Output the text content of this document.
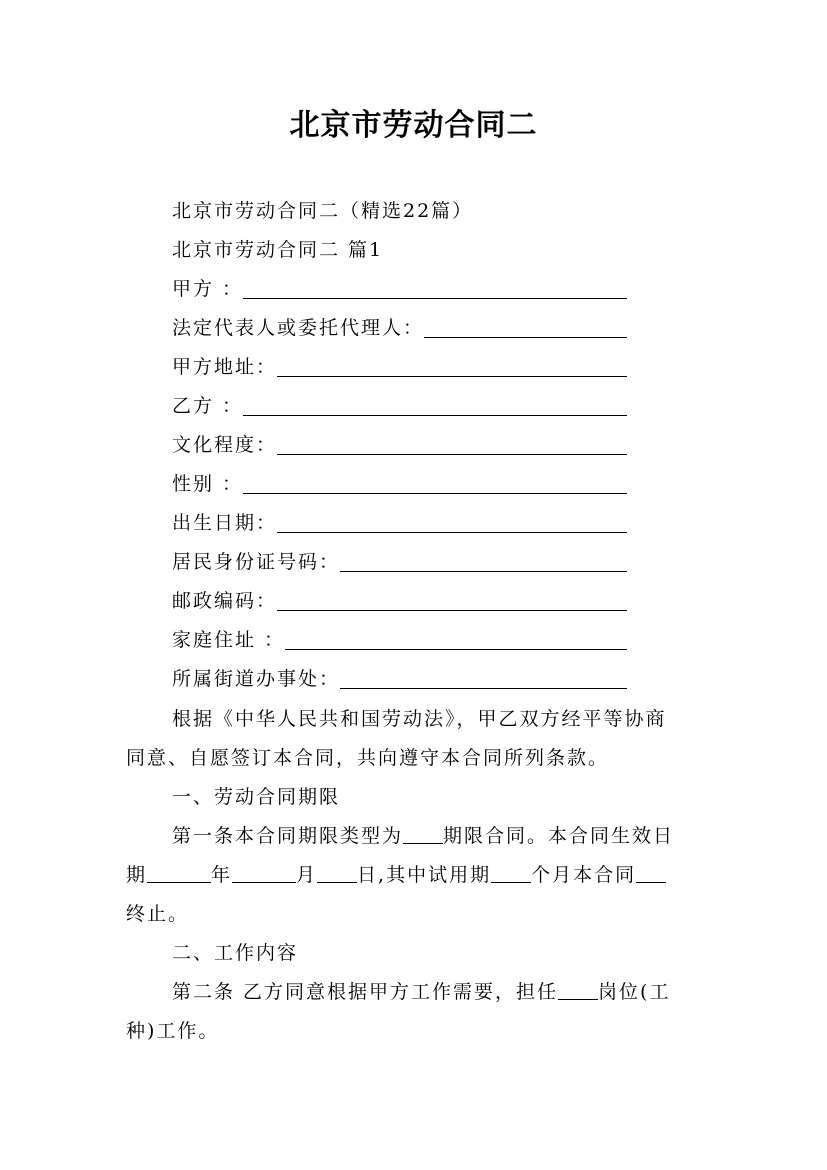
北京市劳动合同二
北京市劳动合同二（精选22篇）
北京市劳动合同二 篇1
甲方 ：
法定代表人或委托代理人：
甲方地址：
乙方 ：
文化程度：
性别 ：
出生日期：
居民身份证号码：
邮政编码：
家庭住址 ：
所属街道办事处：
根据《中华人民共和国劳动法》，甲乙双方经平等协商
同意、自愿签订本合同，共向遵守本合同所列条款。
一、劳动合同期限
第一条本合同期限类型为 期限合同。本合同生效日
期	年	月 日,其中试用期 个月本合同
终止。
二、工作内容
第二条 乙方同意根据甲方工作需要，担任 岗位(工
种)工作。
